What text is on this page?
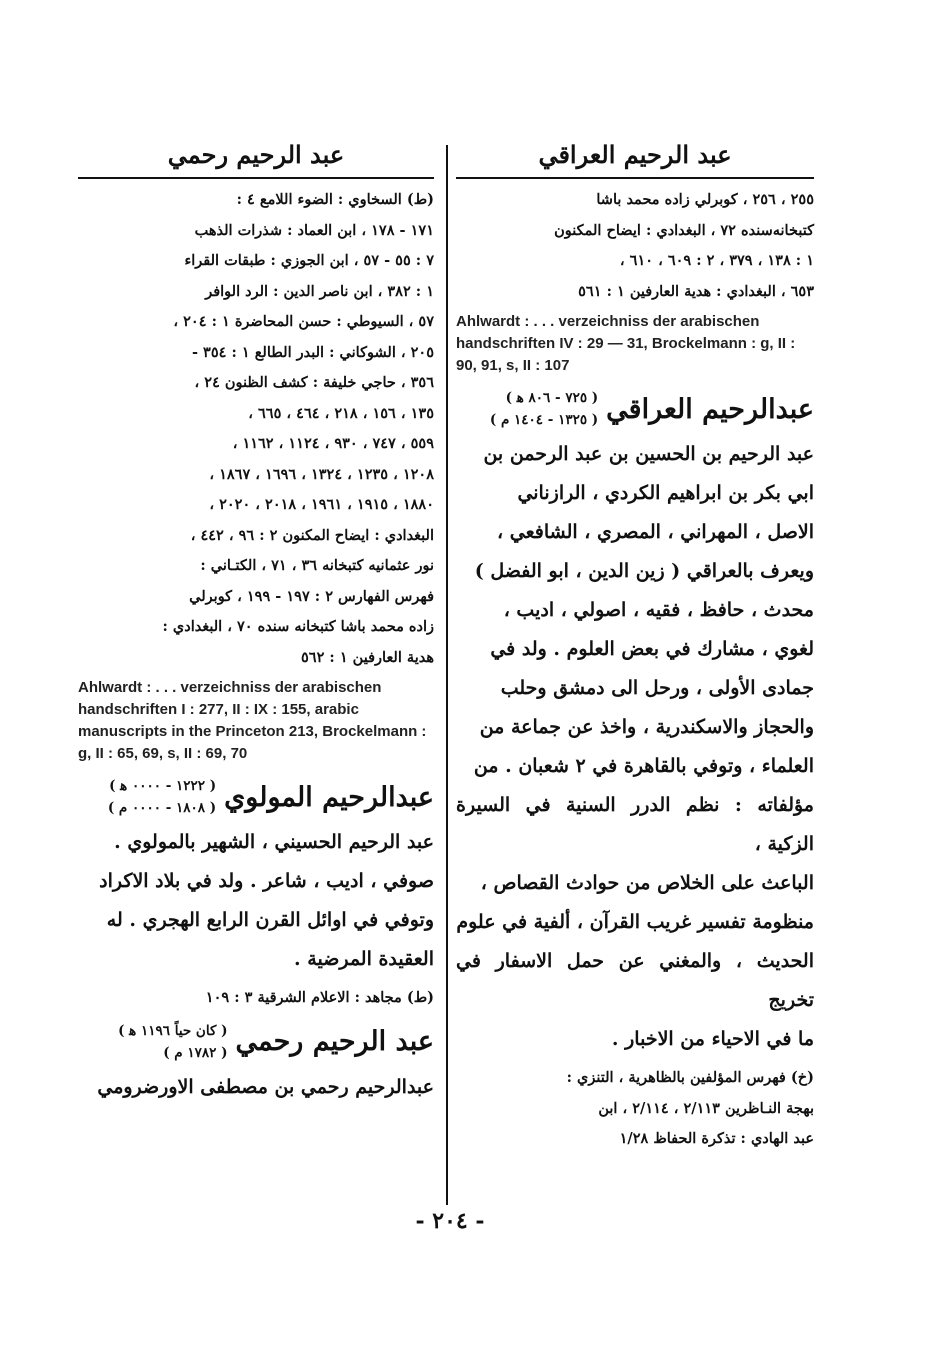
عبد الرحيم العراقي

٢٥٥ ، ٢٥٦ ، كوبرلي زاده محمد باشا

كتبخانه‌سنده ٧٢ ، البغدادي : ايضاح المكنون

١ : ١٣٨ ، ٣٧٩ ، ٢ : ٦٠٩ ، ٦١٠ ،

٦٥٣ ، البغدادي : هدية العارفين ١ : ٥٦١

Ahlwardt : . . . verzeichniss der arabischen handschriften IV : 29 — 31, Brockelmann : g, II : 90, 91, s, II : 107

عبدالرحيم العراقي
( ٧٢٥ - ٨٠٦ ﻫ )
( ١٣٢٥ - ١٤٠٤ م )

عبد الرحيم بن الحسين بن عبد الرحمن بن

ابي بكر بن ابراهيم الكردي ، الرازناني

الاصل ، المهراني ، المصري ، الشافعي ،

ويعرف بالعراقي ( زين الدين ، ابو الفضل )

محدث ، حافظ ، فقيه ، اصولي ، اديب ،

لغوي ، مشارك في بعض العلوم . ولد في

جمادى الأولى ، ورحل الى دمشق وحلب

والحجاز والاسكندرية ، واخذ عن جماعة من

العلماء ، وتوفي بالقاهرة في ٢ شعبان . من

مؤلفاته : نظم الدرر السنية في السيرة الزكية ،

الباعث على الخلاص من حوادث القصاص ،

منظومة تفسير غريب القرآن ، ألفية في علوم

الحديث ، والمغني عن حمل الاسفار في تخريج

ما في الاحياء من الاخبار .

(خ) فهرس المؤلفين بالظاهرية ، التنزي :

بهجة النـاظرين ٢/١١٣ ، ٢/١١٤ ، ابن

عبد الهادي : تذكرة الحفاظ ١/٢٨

عبد الرحيم رحمي

(ط) السخاوي : الضوء اللامع ٤ :

١٧١ - ١٧٨ ، ابن العماد : شذرات الذهب

٧ : ٥٥ - ٥٧ ، ابن الجوزي : طبقات القراء

١ : ٣٨٢ ، ابن ناصر الدين : الرد الوافر

٥٧ ، السيوطي : حسن المحاضرة ١ : ٢٠٤ ،

٢٠٥ ، الشوكاني : البدر الطالع ١ : ٣٥٤ -

٣٥٦ ، حاجي خليفة : كشف الظنون ٢٤ ،

١٣٥ ، ١٥٦ ، ٢١٨ ، ٤٦٤ ، ٦٦٥ ،

٥٥٩ ، ٧٤٧ ، ٩٣٠ ، ١١٢٤ ، ١١٦٢ ،

١٢٠٨ ، ١٢٣٥ ، ١٣٢٤ ، ١٦٩٦ ، ١٨٦٧ ،

١٨٨٠ ، ١٩١٥ ، ١٩٦١ ، ٢٠١٨ ، ٢٠٢٠ ،

البغدادي : ايضاح المكنون ٢ : ٩٦ ، ٤٤٢ ،

نور عثمانيه كتبخانه ٣٦ ، ٧١ ، الكتـاني :

فهرس الفهارس ٢ : ١٩٧ - ١٩٩ ، كوبرلي

زاده محمد باشا كتبخانه سنده ٧٠ ، البغدادي :

هدية العارفين ١ : ٥٦٢

Ahlwardt : . . . verzeichniss der arabischen handschriften I : 277, II : IX : 155, arabic manuscripts in the Princeton 213, Brockelmann : g, II : 65, 69, s, II : 69, 70

عبدالرحيم المولوي
( ١٢٢٢ - ٠٠٠٠ ﻫ )
( ١٨٠٨ - ٠٠٠٠ م )

عبد الرحيم الحسيني ، الشهير بالمولوي .

صوفي ، اديب ، شاعر . ولد في بلاد الاكراد

وتوفي في اوائل القرن الرابع الهجري . له

العقيدة المرضية .

(ط) مجاهد : الاعلام الشرقية ٣ : ١٠٩

عبد الرحيم رحمي
( كان حياً ١١٩٦ ﻫ )
( ١٧٨٢ م )

عبدالرحيم رحمي بن مصطفى الاورضرومي

- ٢٠٤ -
